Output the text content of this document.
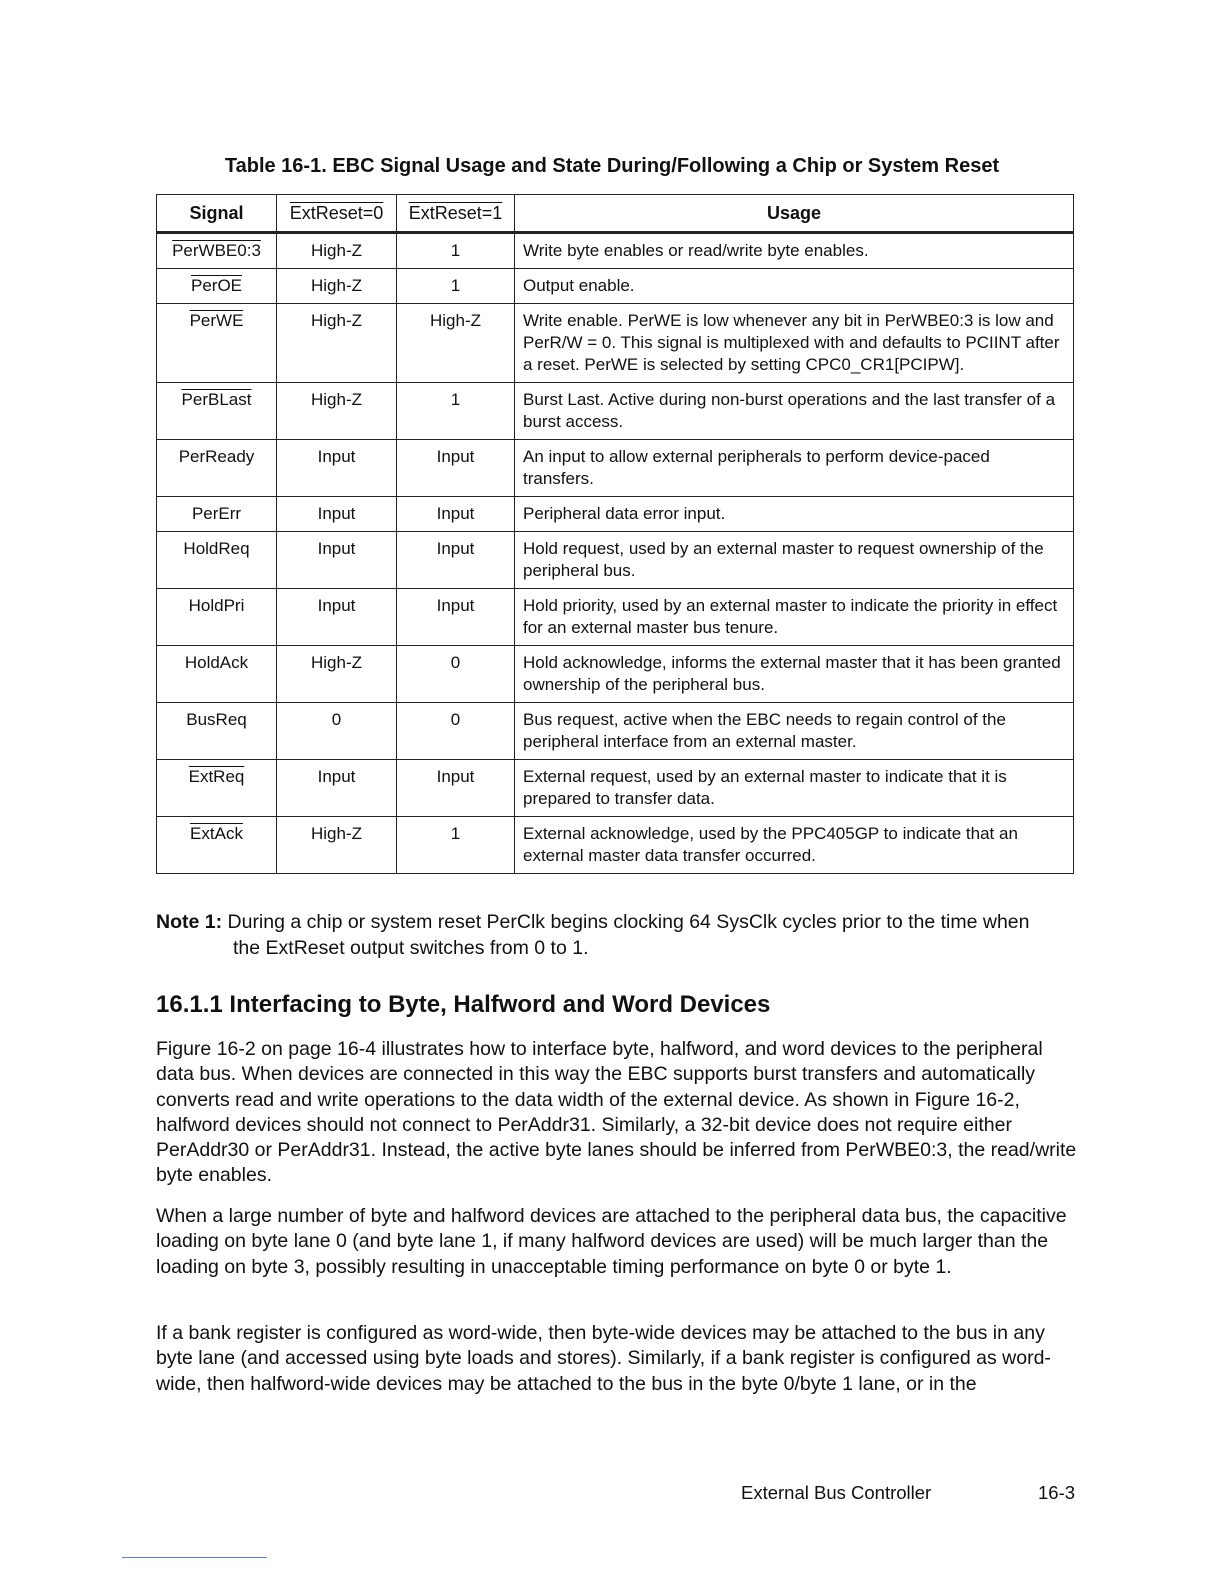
Table 16-1. EBC Signal Usage and State During/Following a Chip or System Reset
Signal	ExtReset=0	ExtReset=1	Usage
PerWBE0:3	High-Z	1	Write byte enables or read/write byte enables.
PerOE	High-Z	1	Output enable.
PerWE	High-Z	High-Z	Write enable. PerWE is low whenever any bit in PerWBE0:3 is low and PerR/W = 0. This signal is multiplexed with and defaults to PCIINT after a reset. PerWE is selected by setting CPC0_CR1[PCIPW].
PerBLast	High-Z	1	Burst Last. Active during non-burst operations and the last transfer of a burst access.
PerReady	Input	Input	An input to allow external peripherals to perform device-paced transfers.
PerErr	Input	Input	Peripheral data error input.
HoldReq	Input	Input	Hold request, used by an external master to request ownership of the peripheral bus.
HoldPri	Input	Input	Hold priority, used by an external master to indicate the priority in effect for an external master bus tenure.
HoldAck	High-Z	0	Hold acknowledge, informs the external master that it has been granted ownership of the peripheral bus.
BusReq	0	0	Bus request, active when the EBC needs to regain control of the peripheral interface from an external master.
ExtReq	Input	Input	External request, used by an external master to indicate that it is prepared to transfer data.
ExtAck	High-Z	1	External acknowledge, used by the PPC405GP to indicate that an external master data transfer occurred.
Note 1: During a chip or system reset PerClk begins clocking 64 SysClk cycles prior to the time when
the ExtReset output switches from 0 to 1.
16.1.1 Interfacing to Byte, Halfword and Word Devices

Figure 16-2 on page 16-4 illustrates how to interface byte, halfword, and word devices to the peripheral data bus. When devices are connected in this way the EBC supports burst transfers and automatically converts read and write operations to the data width of the external device. As shown in Figure 16-2, halfword devices should not connect to PerAddr31. Similarly, a 32-bit device does not require either PerAddr30 or PerAddr31. Instead, the active byte lanes should be inferred from PerWBE0:3, the read/write byte enables.

When a large number of byte and halfword devices are attached to the peripheral data bus, the capacitive loading on byte lane 0 (and byte lane 1, if many halfword devices are used) will be much larger than the loading on byte 3, possibly resulting in unacceptable timing performance on byte 0 or byte 1.

If a bank register is configured as word-wide, then byte-wide devices may be attached to the bus in any byte lane (and accessed using byte loads and stores). Similarly, if a bank register is configured as word-wide, then halfword-wide devices may be attached to the bus in the byte 0/byte 1 lane, or in the

External Bus Controller	16-3
